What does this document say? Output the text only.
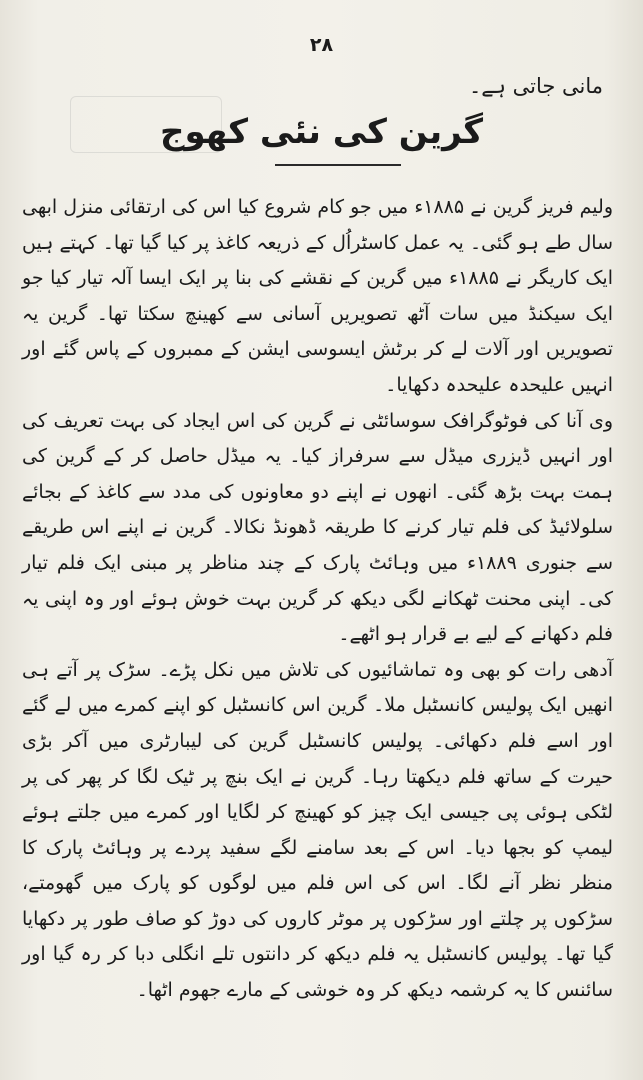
۲۸
مانی جاتی ہے۔
گرین کی نئی کھوج

ولیم فریز گرین نے ۱۸۸۵ء میں جو کام شروع کیا اس کی ارتقائی منزل ابھی سال طے ہو گئی۔ یہ عمل کاسٹراُل کے ذریعہ کاغذ پر کیا گیا تھا۔ کہتے ہیں ایک کاریگر نے ۱۸۸۵ء میں گرین کے نقشے کی بنا پر ایک ایسا آلہ تیار کیا جو ایک سیکنڈ میں سات آٹھ تصویریں آسانی سے کھینچ سکتا تھا۔ گرین یہ تصویریں اور آلات لے کر برٹش ایسوسی ایشن کے ممبروں کے پاس گئے اور انہیں علیحدہ علیحدہ دکھایا۔

وی آنا کی فوٹوگرافک سوسائٹی نے گرین کی اس ایجاد کی بہت تعریف کی اور انہیں ڈیزری میڈل سے سرفراز کیا۔ یہ میڈل حاصل کر کے گرین کی ہمت بہت بڑھ گئی۔ انھوں نے اپنے دو معاونوں کی مدد سے کاغذ کے بجائے سلولائیڈ کی فلم تیار کرنے کا طریقہ ڈھونڈ نکالا۔ گرین نے اپنے اس طریقے سے جنوری ۱۸۸۹ء میں وہائٹ پارک کے چند مناظر پر مبنی ایک فلم تیار کی۔ اپنی محنت ٹھکانے لگی دیکھ کر گرین بہت خوش ہوئے اور وہ اپنی یہ فلم دکھانے کے لیے بے قرار ہو اٹھے۔

آدھی رات کو بھی وہ تماشائیوں کی تلاش میں نکل پڑے۔ سڑک پر آتے ہی انھیں ایک پولیس کانسٹبل ملا۔ گرین اس کانسٹبل کو اپنے کمرے میں لے گئے اور اسے فلم دکھائی۔ پولیس کانسٹبل گرین کی لیبارٹری میں آکر بڑی حیرت کے ساتھ فلم دیکھتا رہا۔ گرین نے ایک بنچ پر ٹیک لگا کر پھر کی پر لٹکی ہوئی پی جیسی ایک چیز کو کھینچ کر لگایا اور کمرے میں جلتے ہوئے لیمپ کو بجھا دیا۔ اس کے بعد سامنے لگے سفید پردے پر وہائٹ پارک کا منظر نظر آنے لگا۔ اس کی اس فلم میں لوگوں کو پارک میں گھومتے، سڑکوں پر چلتے اور سڑکوں پر موٹر کاروں کی دوڑ کو صاف طور پر دکھایا گیا تھا۔ پولیس کانسٹبل یہ فلم دیکھ کر دانتوں تلے انگلی دبا کر رہ گیا اور سائنس کا یہ کرشمہ دیکھ کر وہ خوشی کے مارے جھوم اٹھا۔
